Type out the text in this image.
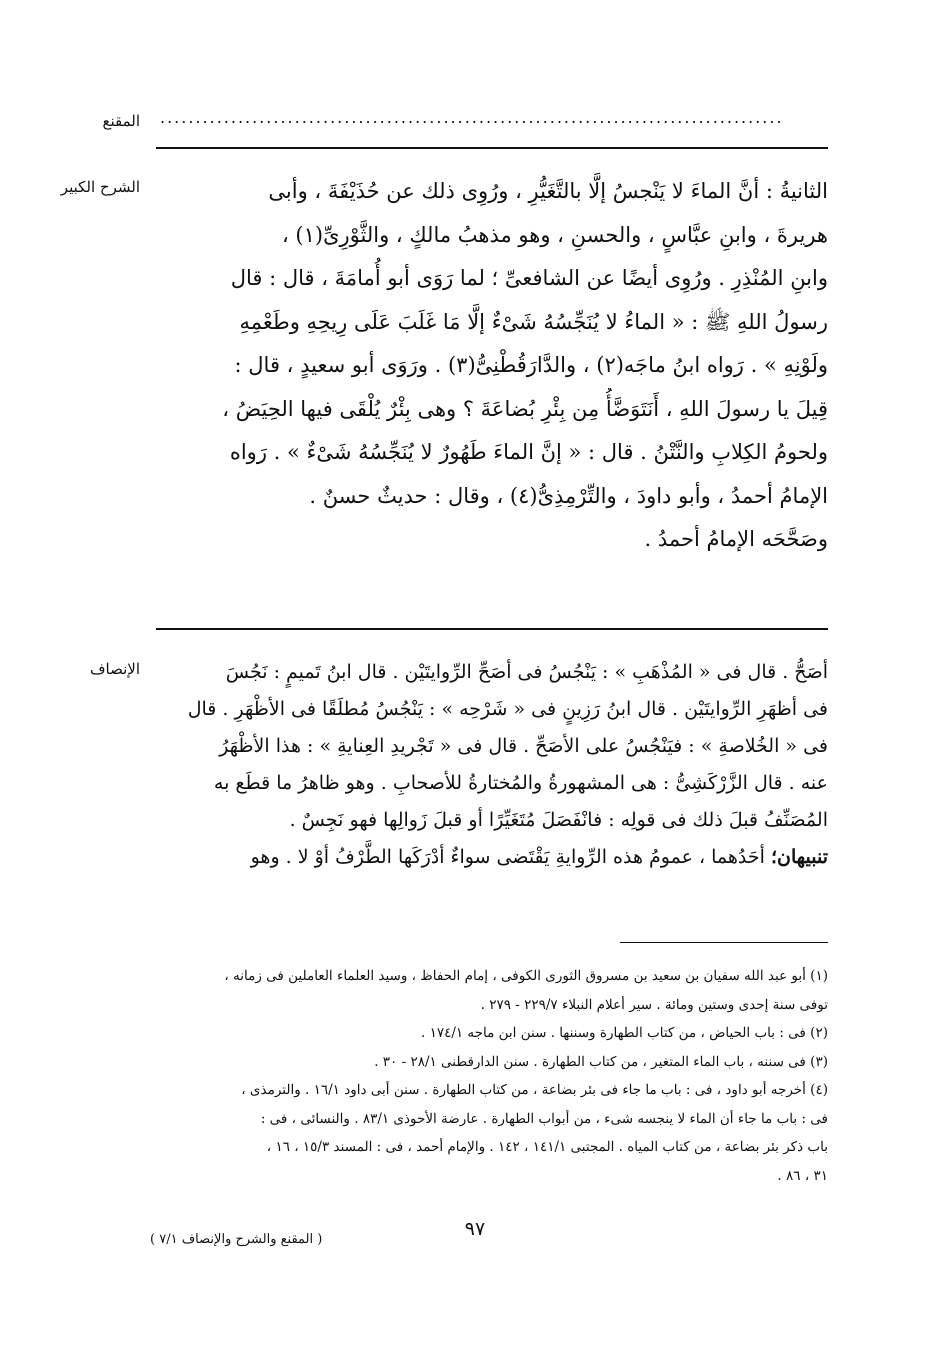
المقنع ........................................................................................
الشرح الكبير	الثانيةُ : أنَّ الماءَ لا يَنْجسُ إلَّا بالتَّغَيُّرِ ، ورُوِى ذلك عن حُذَيْفَةَ ، وأبى

هريرةَ ، وابنِ عبَّاسٍ ، والحسنِ ، وهو مذهبُ مالكٍ ، والثَّوْرِىِّ(١) ،

وابنِ المُنْذِرِ . ورُوِى أيضًا عن الشافعىِّ ؛ لما رَوَى أبو أُمامَةَ ، قال : قال

رسولُ اللهِ ﷺ : « الماءُ لا يُنَجِّسُهُ شَىْءٌ إلَّا مَا غَلَبَ عَلَى رِيحِهِ وطَعْمِهِ

ولَوْنِهِ » . رَواه ابنُ ماجَه(٢) ، والدَّارَقُطْنِىُّ(٣) . ورَوَى أبو سعيدٍ ، قال :

قِيلَ يا رسولَ اللهِ ، أَنَتَوَضَّأُ مِن بِئْرِ بُضاعَةَ ؟ وهى بِئْرٌ يُلْقَى فيها الحِيَضُ ،

ولحومُ الكِلابِ والنَّتْنُ . قال : « إنَّ الماءَ طَهُورٌ لا يُنَجِّسُهُ شَىْءٌ » . رَواه

الإمامُ أحمدُ ، وأبو داودَ ، والتِّرْمِذِىُّ(٤) ، وقال : حديثٌ حسنٌ .

وصَحَّحَه الإمامُ أحمدُ .

الإنصاف	أصَحُّ . قال فى « المُذْهَبِ » : يَنْجُسُ فى أصَحِّ الرِّوايتَيْن . قال ابنُ تَميمٍ : نَجُسَ

فى أظهَرِ الرِّوايتَيْن . قال ابنُ رَزِينٍ فى « شَرْحِه » : يَنْجُسُ مُطلَقًا فى الأظْهَرِ . قال

فى « الخُلاصةِ » : فيَنْجُسُ على الأصَحِّ . قال فى « تَجْريدِ العِنايةِ » : هذا الأظْهَرُ

عنه . قال الزَّرْكَشِىُّ : هى المشهورةُ والمُختارةُ للأصحابِ . وهو ظاهرُ ما قطَع به

المُصَنِّفُ قبلَ ذلك فى قولِه : فانْفَصَلَ مُتَغَيِّرًا أو قبلَ زَوالِها فهو نَجِسٌ .

تنبيهان؛ أحَدُهما ، عمومُ هذه الرِّوايةِ يَقْتَضى سواءٌ أدْرَكَها الطَّرْفُ أوْ لا . وهو

(١) أبو عبد الله سفيان بن سعيد بن مسروق الثورى الكوفى ، إمام الحفاظ ، وسيد العلماء العاملين فى زمانه ،

توفى سنة إحدى وستين ومائة . سير أعلام النبلاء ٢٢٩/٧ - ٢٧٩ .

(٢) فى : باب الحياض ، من كتاب الطهارة وسننها . سنن ابن ماجه ١٧٤/١ .

(٣) فى سننه ، باب الماء المتغير ، من كتاب الطهارة . سنن الدارقطنى ٢٨/١ - ٣٠ .

(٤) أخرجه أبو داود ، فى : باب ما جاء فى بئر بضاعة ، من كتاب الطهارة . سنن أبى داود ١٦/١ . والترمذى ،

فى : باب ما جاء أن الماء لا ينجسه شىء ، من أبواب الطهارة . عارضة الأحوذى ٨٣/١ . والنسائى ، فى :

باب ذكر بئر بضاعة ، من كتاب المياه . المجتبى ١٤١/١ ، ١٤٢ . والإمام أحمد ، فى : المسند ١٥/٣ ، ١٦ ،

٣١ ، ٨٦ .

٩٧
( المقنع والشرح والإنصاف ٧/١ )
